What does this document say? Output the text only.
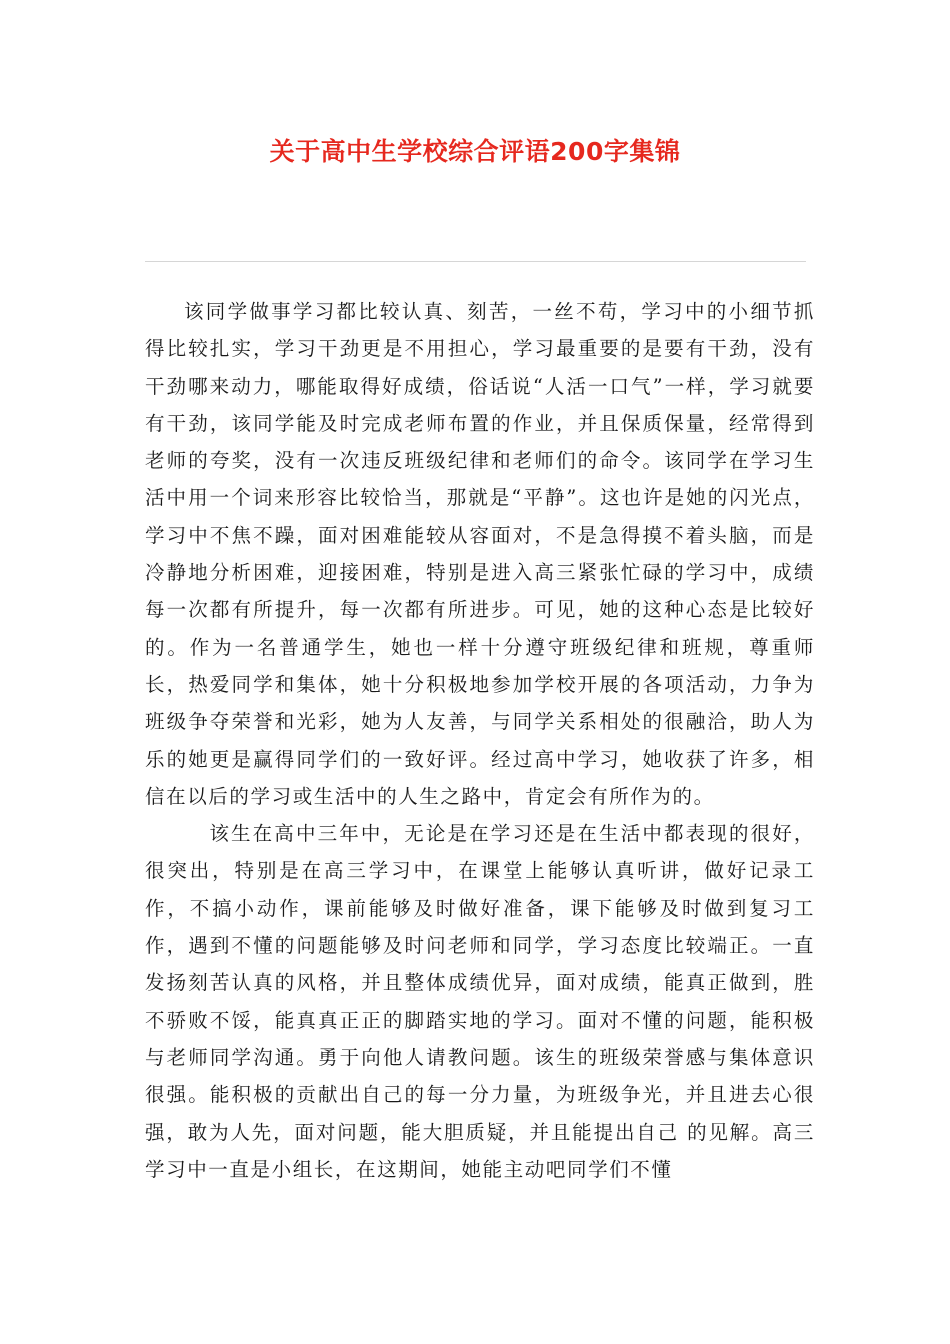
关于高中生学校综合评语200字集锦

该同学做事学习都比较认真、刻苦，一丝不苟，学习中的小细节抓得比较扎实，学习干劲更是不用担心，学习最重要的是要有干劲，没有干劲哪来动力，哪能取得好成绩，俗话说“人活一口气”一样，学习就要有干劲，该同学能及时完成老师布置的作业，并且保质保量，经常得到老师的夸奖，没有一次违反班级纪律和老师们的命令。该同学在学习生活中用一个词来形容比较恰当，那就是“平静”。这也许是她的闪光点，学习中不焦不躁，面对困难能较从容面对，不是急得摸不着头脑，而是冷静地分析困难，迎接困难，特别是进入高三紧张忙碌的学习中，成绩每一次都有所提升，每一次都有所进步。可见，她的这种心态是比较好的。作为一名普通学生，她也一样十分遵守班级纪律和班规，尊重师长，热爱同学和集体，她十分积极地参加学校开展的各项活动，力争为班级争夺荣誉和光彩，她为人友善，与同学关系相处的很融洽，助人为乐的她更是赢得同学们的一致好评。经过高中学习，她收获了许多，相信在以后的学习或生活中的人生之路中，肯定会有所作为的。

该生在高中三年中，无论是在学习还是在生活中都表现的很好，很突出，特别是在高三学习中，在课堂上能够认真听讲，做好记录工作，不搞小动作，课前能够及时做好准备，课下能够及时做到复习工作，遇到不懂的问题能够及时问老师和同学，学习态度比较端正。一直发扬刻苦认真的风格，并且整体成绩优异，面对成绩，能真正做到，胜不骄败不馁，能真真正正的脚踏实地的学习。面对不懂的问题，能积极与老师同学沟通。勇于向他人请教问题。该生的班级荣誉感与集体意识很强。能积极的贡献出自己的每一分力量，为班级争光，并且进去心很强，敢为人先，面对问题，能大胆质疑，并且能提出自己 的见解。高三学习中一直是小组长，在这期间，她能主动吧同学们不懂
